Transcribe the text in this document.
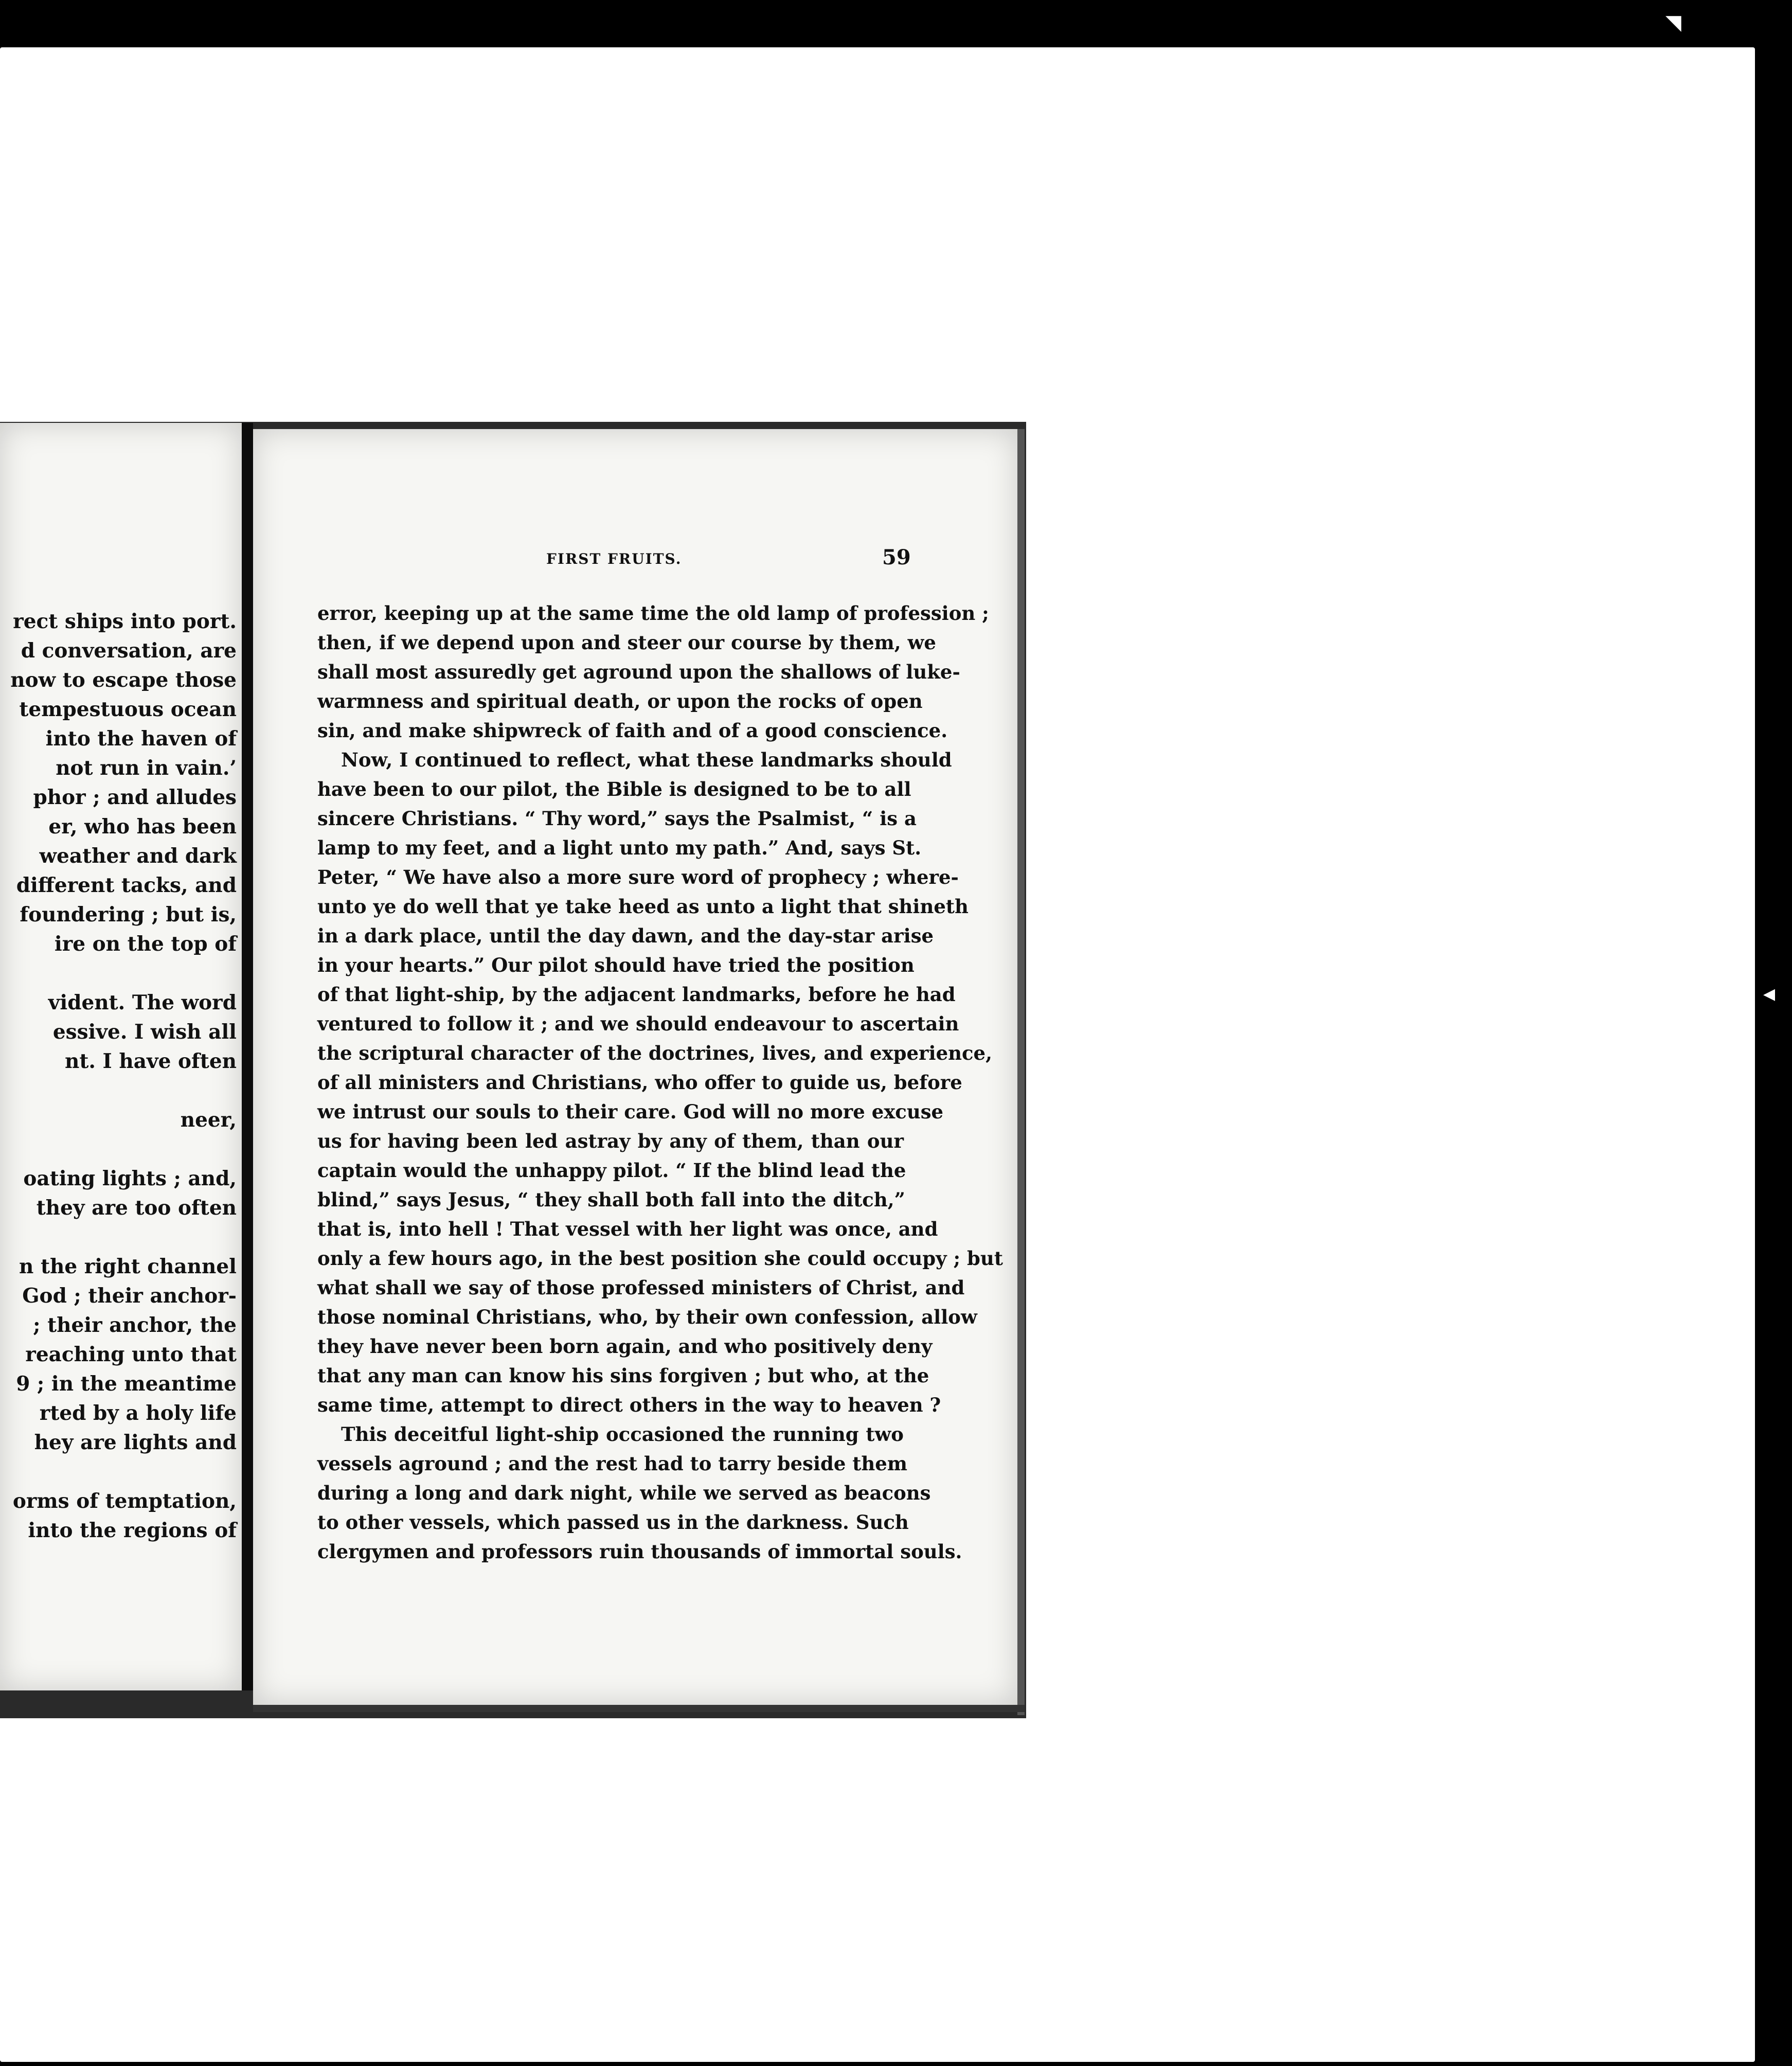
◥
◀
rect ships into port.
d conversation, are
now to escape those
tempestuous ocean
into the haven of
not run in vain.’
phor ; and alludes
er, who has been
weather and dark
different tacks, and
foundering ; but is,
ire on the top of

vident. The word
essive. I wish all
nt. I have often

neer,

oating lights ; and,
they are too often

n the right channel
God ; their anchor-
; their anchor, the
reaching unto that
9 ; in the meantime
rted by a holy life
hey are lights and

orms of temptation,
into the regions of
FIRST FRUITS.	59
error, keeping up at the same time the old lamp of profession ;
then, if we depend upon and steer our course by them, we
shall most assuredly get aground upon the shallows of luke-
warmness and spiritual death, or upon the rocks of open
sin, and make shipwreck of faith and of a good conscience.
Now, I continued to reflect, what these landmarks should
have been to our pilot, the Bible is designed to be to all
sincere Christians. “ Thy word,” says the Psalmist, “ is a
lamp to my feet, and a light unto my path.” And, says St.
Peter, “ We have also a more sure word of prophecy ; where-
unto ye do well that ye take heed as unto a light that shineth
in a dark place, until the day dawn, and the day-star arise
in your hearts.” Our pilot should have tried the position
of that light-ship, by the adjacent landmarks, before he had
ventured to follow it ; and we should endeavour to ascertain
the scriptural character of the doctrines, lives, and experience,
of all ministers and Christians, who offer to guide us, before
we intrust our souls to their care. God will no more excuse
us for having been led astray by any of them, than our
captain would the unhappy pilot. “ If the blind lead the
blind,” says Jesus, “ they shall both fall into the ditch,”
that is, into hell ! That vessel with her light was once, and
only a few hours ago, in the best position she could occupy ; but
what shall we say of those professed ministers of Christ, and
those nominal Christians, who, by their own confession, allow
they have never been born again, and who positively deny
that any man can know his sins forgiven ; but who, at the
same time, attempt to direct others in the way to heaven ?
This deceitful light-ship occasioned the running two
vessels aground ; and the rest had to tarry beside them
during a long and dark night, while we served as beacons
to other vessels, which passed us in the darkness. Such
clergymen and professors ruin thousands of immortal souls.
